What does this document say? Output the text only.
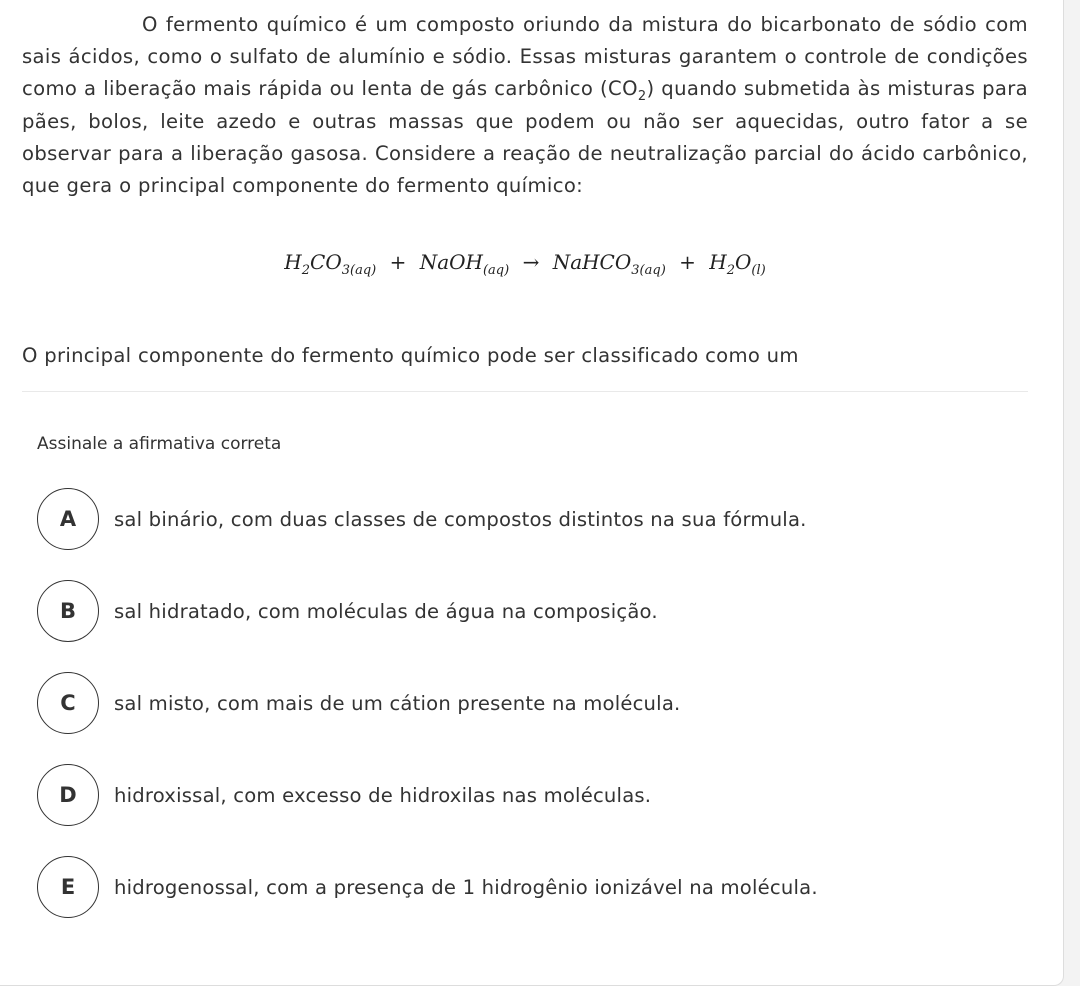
O fermento químico é um composto oriundo da mistura do bicarbonato de sódio com sais ácidos, como o sulfato de alumínio e sódio. Essas misturas garantem o controle de condições como a liberação mais rápida ou lenta de gás carbônico $(CO_2)$ quando submetida às misturas para pães, bolos, leite azedo e outras massas que podem ou não ser aquecidas, outro fator a se observar para a liberação gasosa. Considere a reação de neutralização parcial do ácido carbônico, que gera o principal componente do fermento químico:
$H_2CO_{3(aq)}$ + NaOH$_{(aq)}$ → NaHCO$_{3(aq)}$ + $H_2O_{(l)}$
O principal componente do fermento químico pode ser classificado como um
Assinale a afirmativa correta
A	sal binário, com duas classes de compostos distintos na sua fórmula.
B	sal hidratado, com moléculas de água na composição.
C	sal misto, com mais de um cátion presente na molécula.
D	hidroxissal, com excesso de hidroxilas nas moléculas.
E	hidrogenossal, com a presença de 1 hidrogênio ionizável na molécula.
